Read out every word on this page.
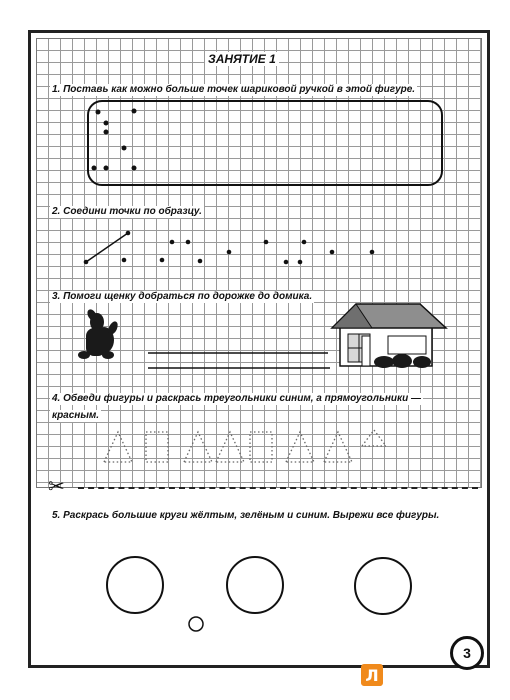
ЗАНЯТИЕ 1
1. Поставь как можно больше точек шариковой ручкой в этой фигуре.
2. Соедини точки по образцу.
3. Помоги щенку добраться по дорожке до домика.
4. Обведи фигуры и раскрась треугольники синим, а прямоугольники —
красным.
5. Раскрась большие круги жёлтым, зелёным и синим. Вырежи все фигуры.
✂
3
Л
